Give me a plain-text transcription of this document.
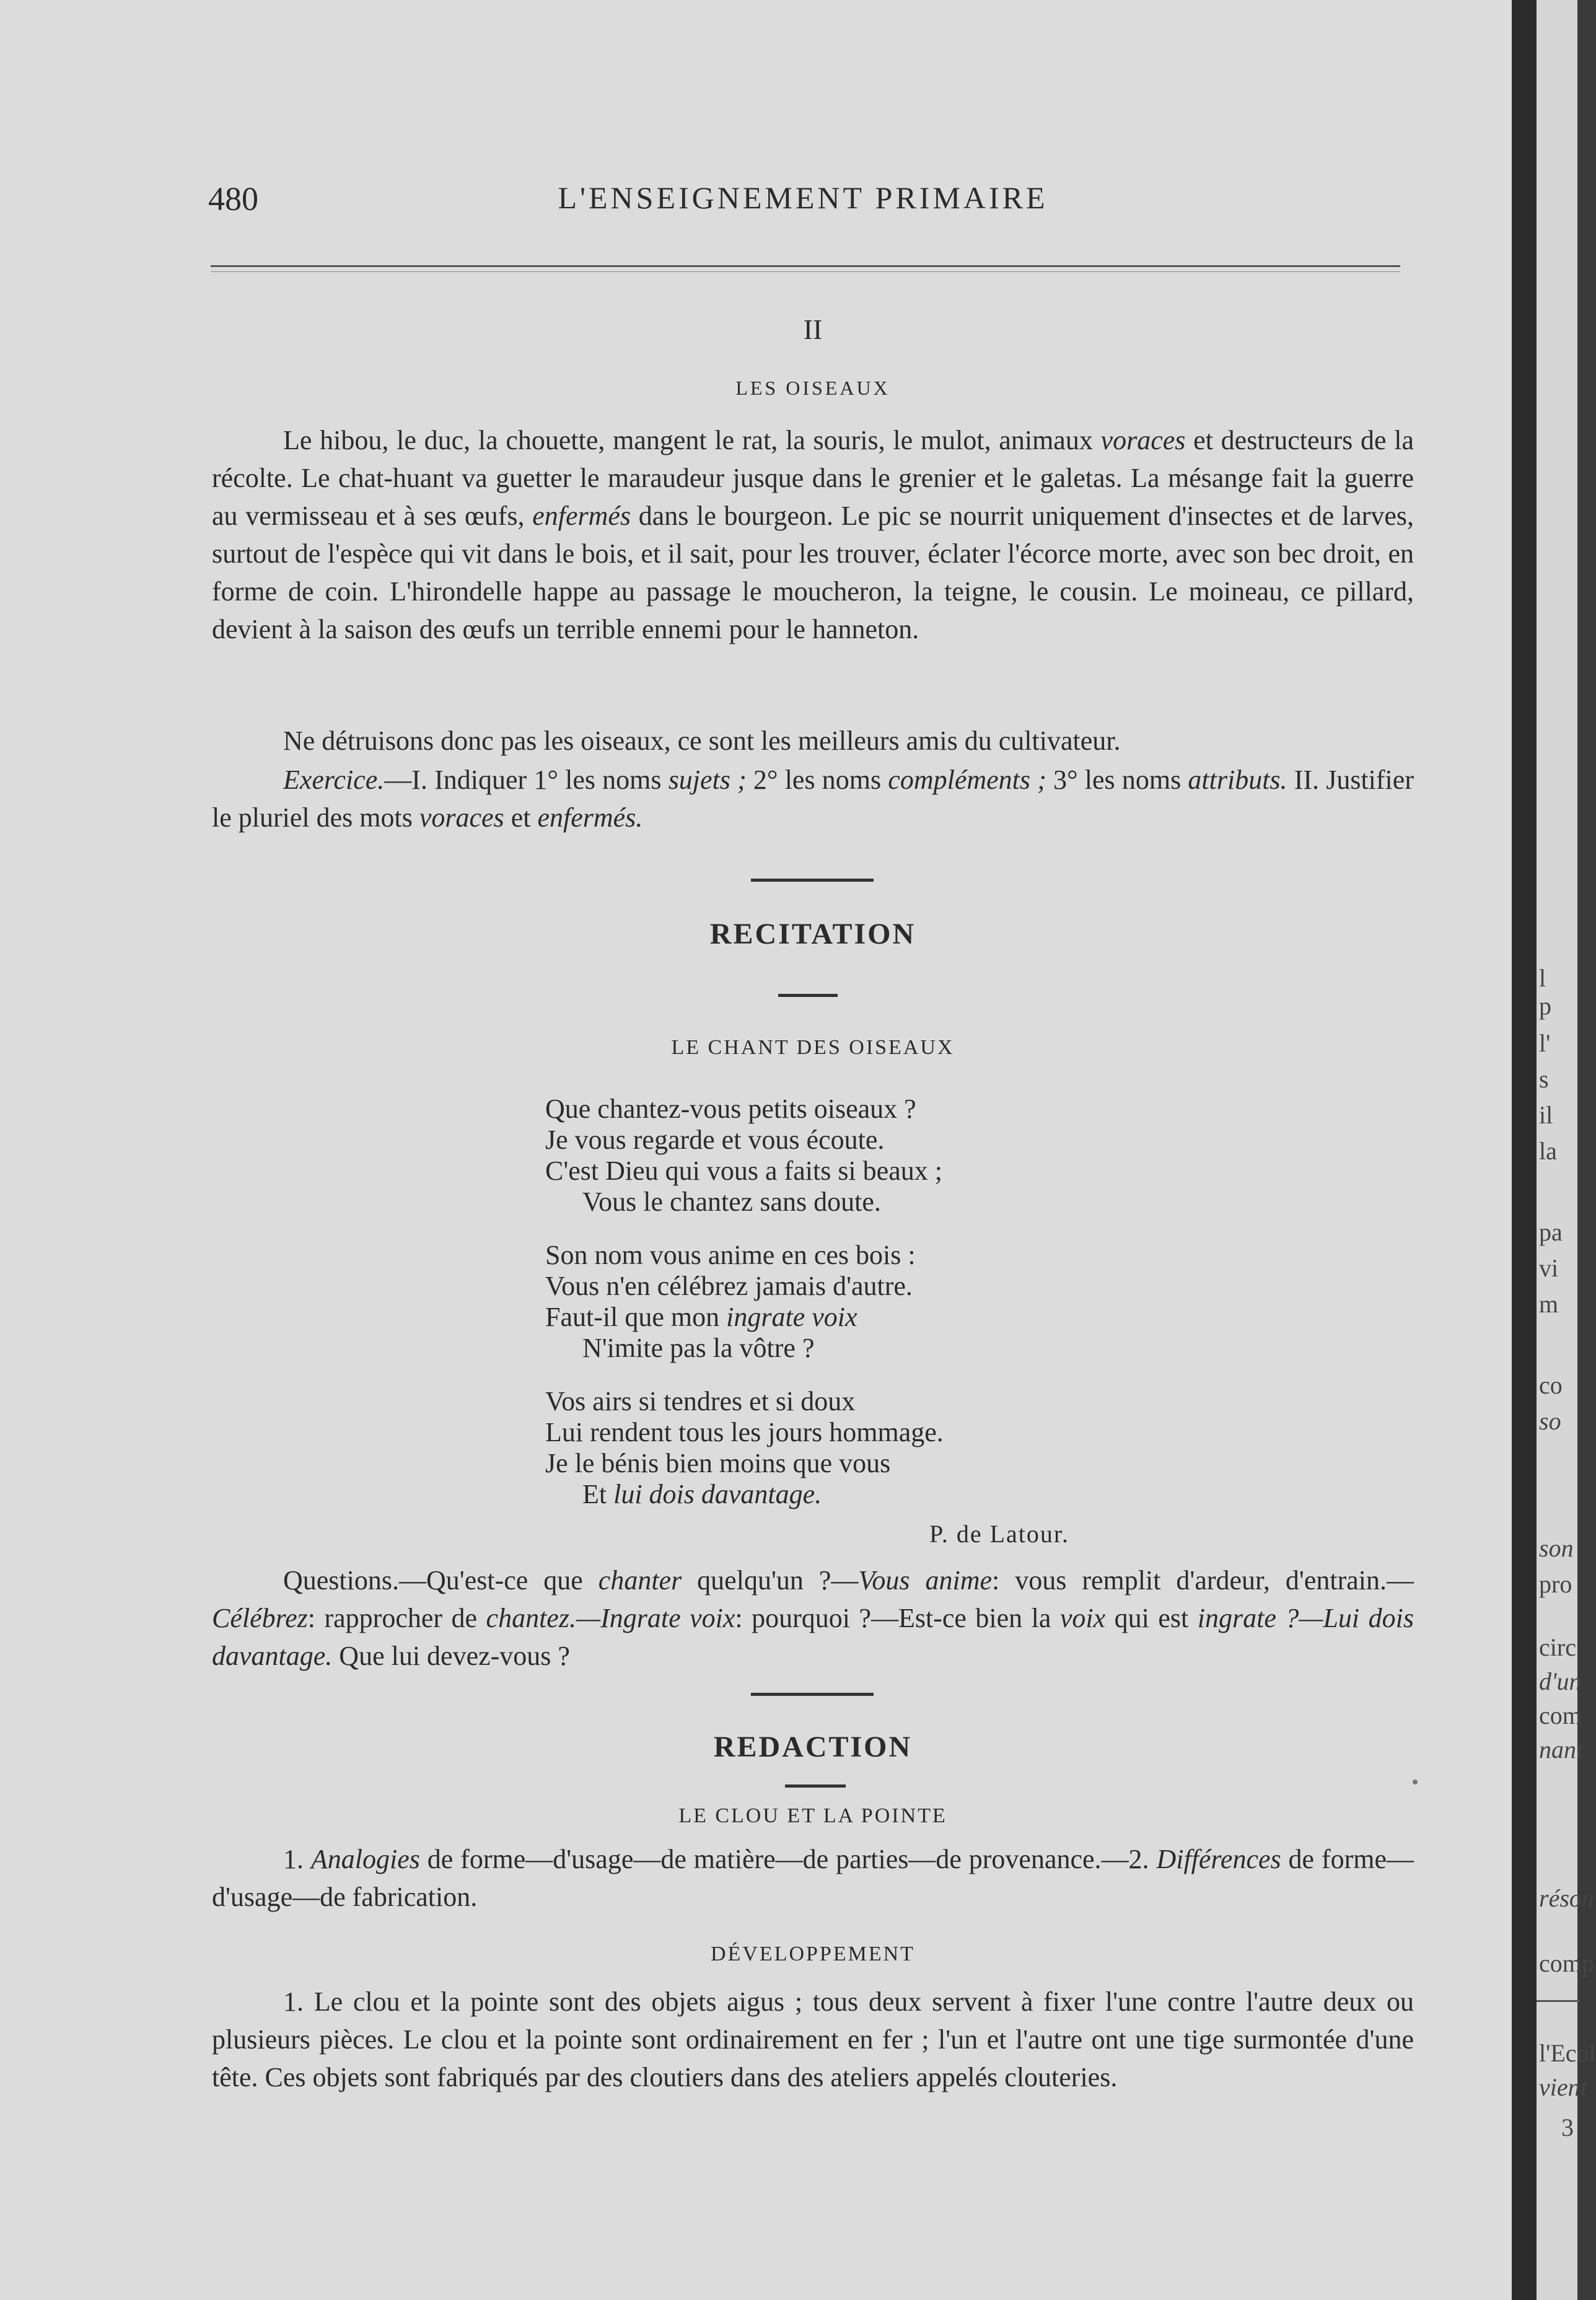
480	L'ENSEIGNEMENT PRIMAIRE
II
LES OISEAUX
Le hibou, le duc, la chouette, mangent le rat, la souris, le mulot, animaux voraces et destructeurs de la récolte. Le chat-huant va guetter le maraudeur jusque dans le grenier et le galetas. La mésange fait la guerre au vermisseau et à ses œufs, enfermés dans le bourgeon. Le pic se nourrit uniquement d'insectes et de larves, surtout de l'espèce qui vit dans le bois, et il sait, pour les trouver, éclater l'écorce morte, avec son bec droit, en forme de coin. L'hirondelle happe au passage le moucheron, la teigne, le cousin. Le moineau, ce pillard, devient à la saison des œufs un terrible ennemi pour le hanneton.
Ne détruisons donc pas les oiseaux, ce sont les meilleurs amis du cultivateur.
Exercice.—I. Indiquer 1° les noms sujets ; 2° les noms compléments ; 3° les noms attributs. II. Justifier le pluriel des mots voraces et enfermés.
RECITATION
LE CHANT DES OISEAUX
Que chantez-vous petits oiseaux ?
Je vous regarde et vous écoute.
C'est Dieu qui vous a faits si beaux ;
Vous le chantez sans doute.
Son nom vous anime en ces bois :
Vous n'en célébrez jamais d'autre.
Faut-il que mon ingrate voix
N'imite pas la vôtre ?
Vos airs si tendres et si doux
Lui rendent tous les jours hommage.
Je le bénis bien moins que vous
Et lui dois davantage.
P. de Latour.
Questions.—Qu'est-ce que chanter quelqu'un ?—Vous anime: vous remplit d'ardeur, d'entrain.—Célébrez: rapprocher de chantez.—Ingrate voix: pourquoi ?—Est-ce bien la voix qui est ingrate ?—Lui dois davantage. Que lui devez-vous ?
REDACTION
LE CLOU ET LA POINTE
1. Analogies de forme—d'usage—de matière—de parties—de provenance.—2. Différences de forme—d'usage—de fabrication.
DÉVELOPPEMENT
1. Le clou et la pointe sont des objets aigus ; tous deux servent à fixer l'une contre l'autre deux ou plusieurs pièces. Le clou et la pointe sont ordinairement en fer ; l'un et l'autre ont une tige surmontée d'une tête. Ces objets sont fabriqués par des cloutiers dans des ateliers appelés clouteries.
l
p
l'
s
il
la
pa
vi
m
co
so
son
pro
circ
d'un
com
nant
réson
comp
l'Ecol
vient
3
